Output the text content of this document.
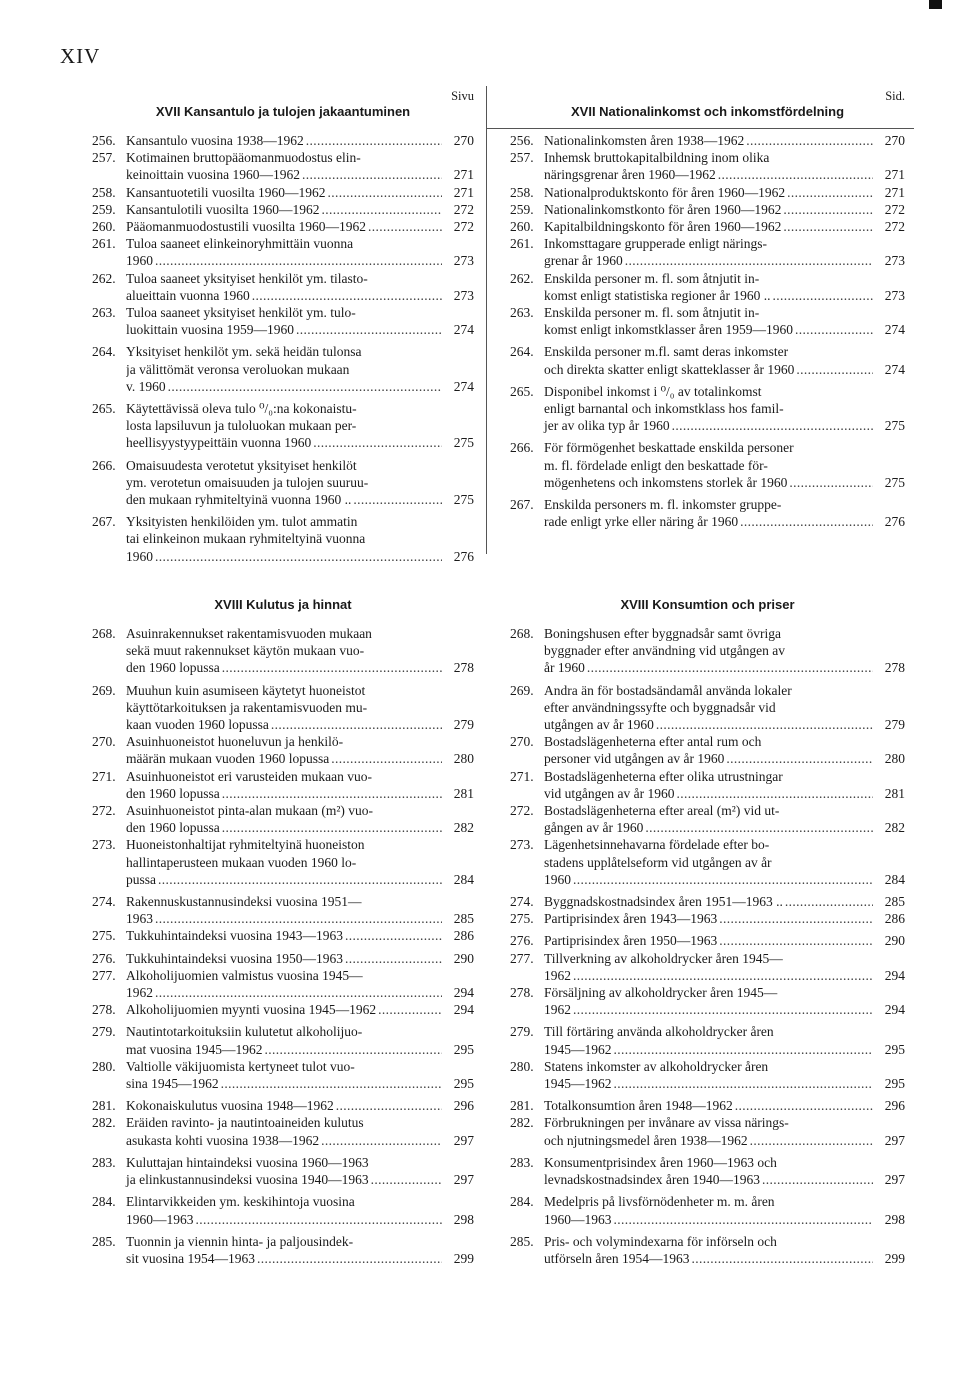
XIV
Sivu
XVII Kansantulo ja tulojen jakaantuminen
256. Kansantulo vuosina 1938—1962 . . .	270
257. Kotimainen bruttopääomanmuodostus elin-
keinoittain vuosina 1960—1962 . . .	271
258. Kansantuotetili vuosilta 1960—1962 . . .	271
259. Kansantulotili vuosilta 1960—1962 . . .	272
260. Pääomanmuodostustili vuosilta 1960—1962 . . .	272
261. Tuloa saaneet elinkeinoryhmittäin vuonna
1960 . . .	273
262. Tuloa saaneet yksityiset henkilöt ym. tilasto-
alueittain vuonna 1960 . . .	273
263. Tuloa saaneet yksityiset henkilöt ym. tulo-
luokittain vuosina 1959—1960 . . .	274
264. Yksityiset henkilöt ym. sekä heidän tulonsa
ja välittömät veronsa veroluokan mukaan
v. 1960 . . .	274
265. Käytettävissä oleva tulo ⁰/₀:na kokonaistu-
losta lapsiluvun ja tuloluokan mukaan per-
heellisyystyypeittäin vuonna 1960 . . .	275
266. Omaisuudesta verotetut yksityiset henkilöt
ym. verotetun omaisuuden ja tulojen suuruu-
den mukaan ryhmiteltyinä vuonna 1960 .. . . .	275
267. Yksityisten henkilöiden ym. tulot ammatin
tai elinkeinon mukaan ryhmiteltyinä vuonna
1960 . . .	276
Sid.
XVII Nationalinkomst och inkomstfördelning
256. Nationalinkomsten åren 1938—1962 . . .	270
257. Inhemsk bruttokapitalbildning inom olika
näringsgrenar åren 1960—1962 . . .	271
258. Nationalproduktskonto för åren 1960—1962 . . .	271
259. Nationalinkomstkonto för åren 1960—1962 . . .	272
260. Kapitalbildningskonto för åren 1960—1962 . . .	272
261. Inkomsttagare grupperade enligt närings-
grenar år 1960 . . .	273
262. Enskilda personer m. fl. som åtnjutit in-
komst enligt statistiska regioner år 1960 .. . . .	273
263. Enskilda personer m. fl. som åtnjutit in-
komst enligt inkomstklasser åren 1959—1960 . . .	274
264. Enskilda personer m.fl. samt deras inkomster
och direkta skatter enligt skatteklasser år 1960 . . .	274
265. Disponibel inkomst i ⁰/₀ av totalinkomst
enligt barnantal och inkomstklass hos famil-
jer av olika typ år 1960 . . .	275
266. För förmögenhet beskattade enskilda personer
m. fl. fördelade enligt den beskattade för-
mögenhetens och inkomstens storlek år 1960 . . .	275
267. Enskilda personers m. fl. inkomster gruppe-
rade enligt yrke eller näring år 1960 . . .	276
XVIII Kulutus ja hinnat
268. Asuinrakennukset rakentamisvuoden mukaan
sekä muut rakennukset käytön mukaan vuo-
den 1960 lopussa . . .	278
269. Muuhun kuin asumiseen käytetyt huoneistot
käyttötarkoituksen ja rakentamisvuoden mu-
kaan vuoden 1960 lopussa . . .	279
270. Asuinhuoneistot huoneluvun ja henkilö-
määrän mukaan vuoden 1960 lopussa . . .	280
271. Asuinhuoneistot eri varusteiden mukaan vuo-
den 1960 lopussa . . .	281
272. Asuinhuoneistot pinta-alan mukaan (m²) vuo-
den 1960 lopussa . . .	282
273. Huoneistonhaltijat ryhmiteltyinä huoneiston
hallintaperusteen mukaan vuoden 1960 lo-
pussa . . .	284
274. Rakennuskustannusindeksi vuosina 1951—
1963 . . .	285
275. Tukkuhintaindeksi vuosina 1943—1963 . . .	286
276. Tukkuhintaindeksi vuosina 1950—1963 . . .	290
277. Alkoholijuomien valmistus vuosina 1945—
1962 . . .	294
278. Alkoholijuomien myynti vuosina 1945—1962 . . .	294
279. Nautintotarkoituksiin kulutetut alkoholijuo-
mat vuosina 1945—1962 . . .	295
280. Valtiolle väkijuomista kertyneet tulot vuo-
sina 1945—1962 . . .	295
281. Kokonaiskulutus vuosina 1948—1962 . . .	296
282. Eräiden ravinto- ja nautintoaineiden kulutus
asukasta kohti vuosina 1938—1962 . . .	297
283. Kuluttajan hintaindeksi vuosina 1960—1963
ja elinkustannusindeksi vuosina 1940—1963 . . .	297
284. Elintarvikkeiden ym. keskihintoja vuosina
1960—1963 . . .	298
285. Tuonnin ja viennin hinta- ja paljousindek-
sit vuosina 1954—1963 . . .	299
XVIII Konsumtion och priser
268. Boningshusen efter byggnadsår samt övriga
byggnader efter användning vid utgången av
år 1960 . . .	278
269. Andra än för bostadsändamål använda lokaler
efter användningssyfte och byggnadsår vid
utgången av år 1960 . . .	279
270. Bostadslägenheterna efter antal rum och
personer vid utgången av år 1960 . . .	280
271. Bostadslägenheterna efter olika utrustningar
vid utgången av år 1960 . . .	281
272. Bostadslägenheterna efter areal (m²) vid ut-
gången av år 1960 . . .	282
273. Lägenhetsinnehavarna fördelade efter bo-
stadens upplåtelseform vid utgången av år
1960 . . .	284
274. Byggnadskostnadsindex åren 1951—1963 .. . . .	285
275. Partiprisindex åren 1943—1963 . . .	286
276. Partiprisindex åren 1950—1963 . . .	290
277. Tillverkning av alkoholdrycker åren 1945—
1962 . . .	294
278. Försäljning av alkoholdrycker åren 1945—
1962 . . .	294
279. Till förtäring använda alkoholdrycker åren
1945—1962 . . .	295
280. Statens inkomster av alkoholdrycker åren
1945—1962 . . .	295
281. Totalkonsumtion åren 1948—1962 . . .	296
282. Förbrukningen per invånare av vissa närings-
och njutningsmedel åren 1938—1962 . . .	297
283. Konsumentprisindex åren 1960—1963 och
levnadskostnadsindex åren 1940—1963 . . .	297
284. Medelpris på livsförnödenheter m. m. åren
1960—1963 . . .	298
285. Pris- och volymindexarna för införseln och
utförseln åren 1954—1963 . . .	299
